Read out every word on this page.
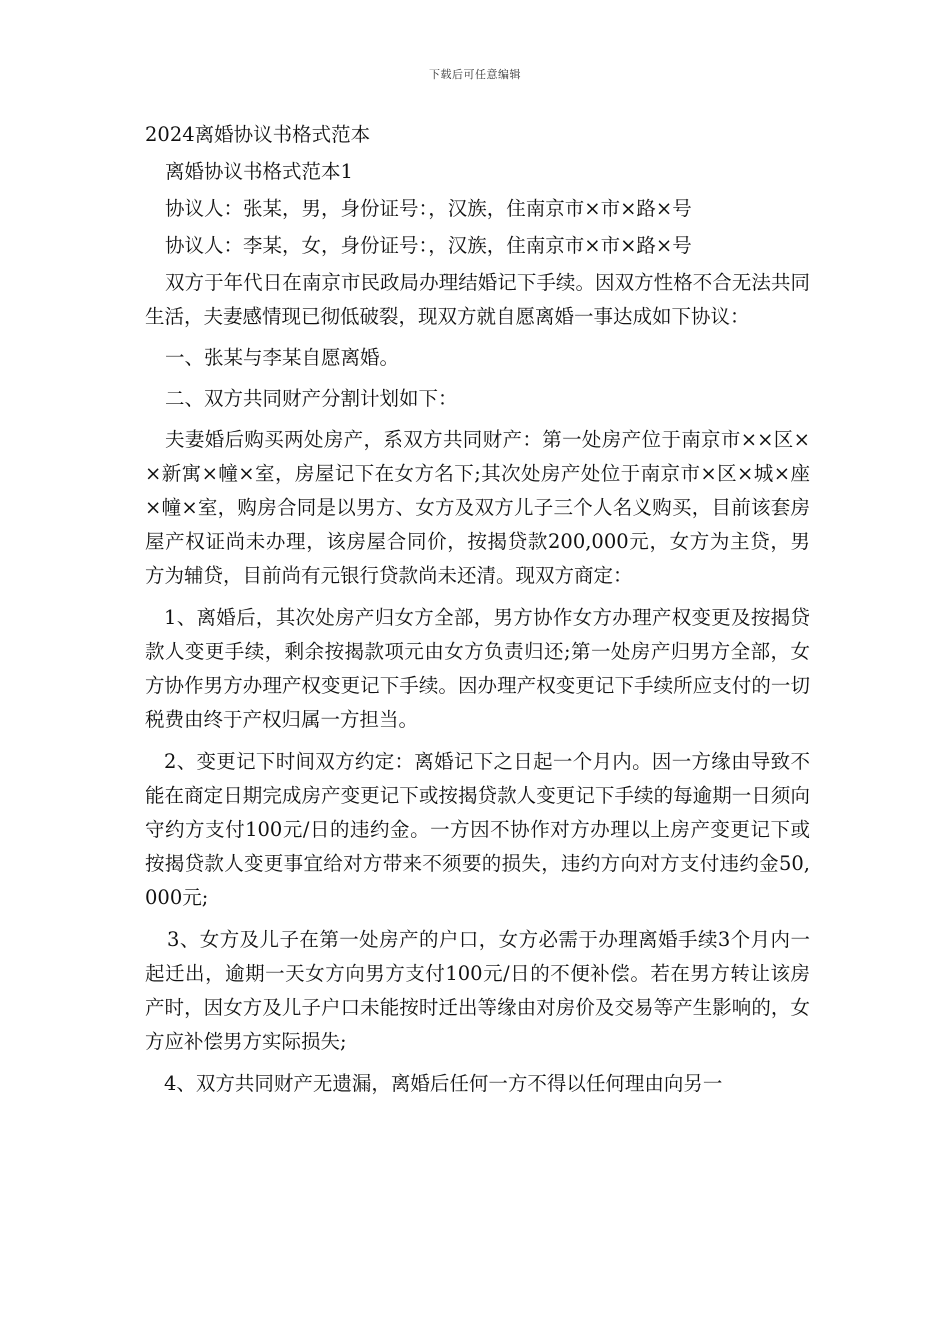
下载后可任意编辑
2024离婚协议书格式范本

离婚协议书格式范本1

协议人：张某，男，身份证号：，汉族，住南京市×市×路×号

协议人：李某，女，身份证号：，汉族，住南京市×市×路×号

双方于年代日在南京市民政局办理结婚记下手续。因双方性格不合无法共同生活，夫妻感情现已彻低破裂，现双方就自愿离婚一事达成如下协议：

一、张某与李某自愿离婚。

二、双方共同财产分割计划如下：

夫妻婚后购买两处房产，系双方共同财产：第一处房产位于南京市××区××新寓×幢×室，房屋记下在女方名下;其次处房产处位于南京市×区×城×座×幢×室，购房合同是以男方、女方及双方儿子三个人名义购买，目前该套房屋产权证尚未办理，该房屋合同价，按揭贷款200,000元，女方为主贷，男方为辅贷，目前尚有元银行贷款尚未还清。现双方商定：

1、离婚后，其次处房产归女方全部，男方协作女方办理产权变更及按揭贷款人变更手续，剩余按揭款项元由女方负责归还;第一处房产归男方全部，女方协作男方办理产权变更记下手续。因办理产权变更记下手续所应支付的一切税费由终于产权归属一方担当。

2、变更记下时间双方约定：离婚记下之日起一个月内。因一方缘由导致不能在商定日期完成房产变更记下或按揭贷款人变更记下手续的每逾期一日须向守约方支付100元/日的违约金。一方因不协作对方办理以上房产变更记下或按揭贷款人变更事宜给对方带来不须要的损失，违约方向对方支付违约金50,000元;

3、女方及儿子在第一处房产的户口，女方必需于办理离婚手续3个月内一起迁出，逾期一天女方向男方支付100元/日的不便补偿。若在男方转让该房产时，因女方及儿子户口未能按时迁出等缘由对房价及交易等产生影响的，女方应补偿男方实际损失;

4、双方共同财产无遗漏，离婚后任何一方不得以任何理由向另一
